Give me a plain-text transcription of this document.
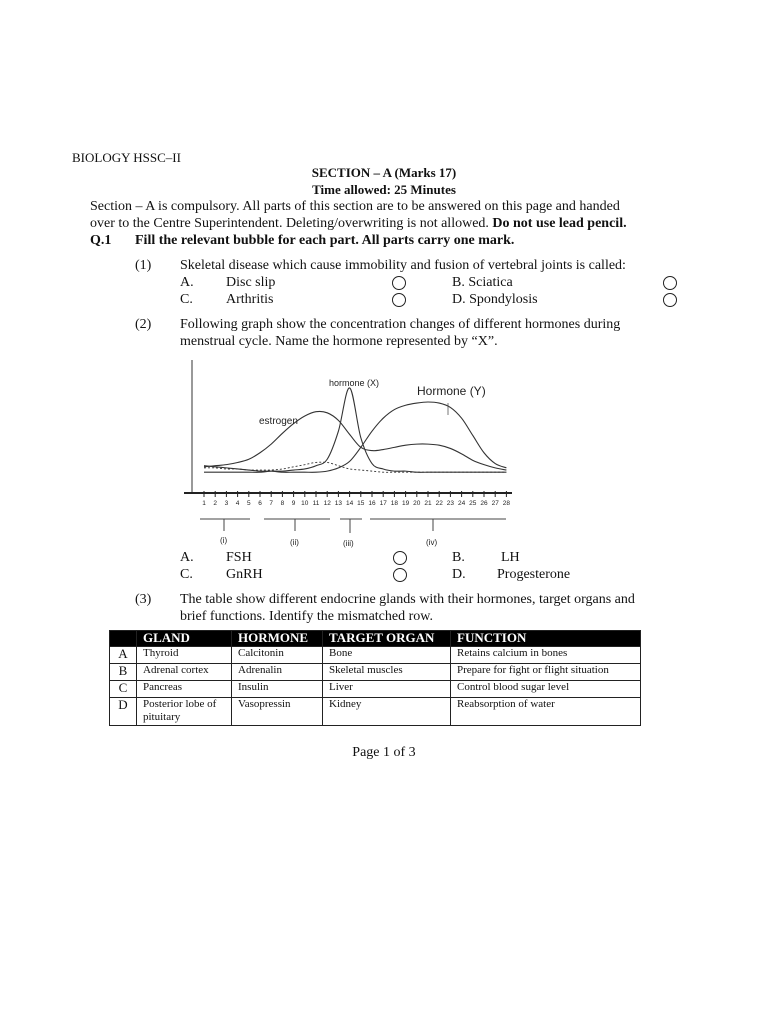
BIOLOGY HSSC–II
SECTION – A (Marks 17)
Time allowed: 25 Minutes
Section – A is compulsory. All parts of this section are to be answered on this page and handed
over to the Centre Superintendent. Deleting/overwriting is not allowed. Do not use lead pencil.
Q.1 Fill the relevant bubble for each part. All parts carry one mark.
(1) Skeletal disease which cause immobility and fusion of vertebral joints is called:
A. Disc slip	B. Sciatica
C. Arthritis	D. Spondylosis
(2) Following graph show the concentration changes of different hormones during
menstrual cycle. Name the hormone represented by “X”.
1 2 3 4 5 6 7 8 9 10 11 12 13 14 15 16 17 18 19 20 21 22 23 24 25 26 27 28
hormone (X)
Hormone (Y)
estrogen
(i)	(ii)	(iii)	(iv)
A. FSH	B.	LH
C. GnRH	D. Progesterone
(3) The table show different endocrine glands with their hormones, target organs and
brief functions. Identify the mismatched row.
	GLAND	HORMONE	TARGET ORGAN	FUNCTION
A	Thyroid	Calcitonin	Bone	Retains calcium in bones
B	Adrenal cortex	Adrenalin	Skeletal muscles	Prepare for fight or flight situation
C	Pancreas	Insulin	Liver	Control blood sugar level
D	Posterior lobe of pituitary	Vasopressin	Kidney	Reabsorption of water
Page 1 of 3
